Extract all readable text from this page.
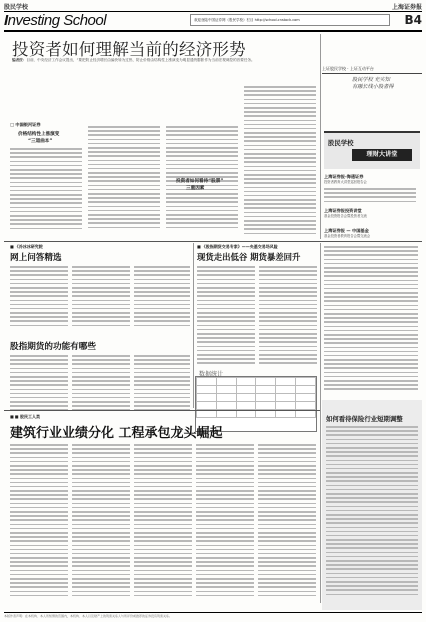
股民学校	上海证券报
Investing School	欢迎登陆中国证券网《股民学校》栏目
http://school.cnstock.com	B4
投资者如何理解当前的经济形势
编者按：目前，中央经济工作会议提出，“要把防止经济增长由偏快转为过热、防止价格由结构性上涨演变为明显通货膨胀作为当前宏观调控的首要任务。
□ 中国银河证券
价格结构性上涨演变
“三道曲本”
投资者如何看待“股票”
三重因素
上证股民学校 · 上证互动平台
股民学校 充实知
有融长线小股者得
股民学校
理财大讲堂
上海证券报-海通证券
投资者教育大讲堂巡回报告会
上海证券报投资讲堂
基金投资报告会暨投资者交流
上海证券报 — 中国基金
基金投资者教育报告会暨交流会
■ 《冷冰冰研究院
网上问答精选
股指期货的功能有哪些
■ 《股指期货交易专家》——央基交易场风险
现货走出低谷 期货暴差回升
数据统计

如何看待保险行业短期调整
■ ■ 股民工人类
建筑行业业绩分化 工程承包龙头崛起
本版作者声明：在本机构、本人所知情的范围内，本机构、本人以及财产上的利害关系人与所评价或推荐的证券没有利害关系。
